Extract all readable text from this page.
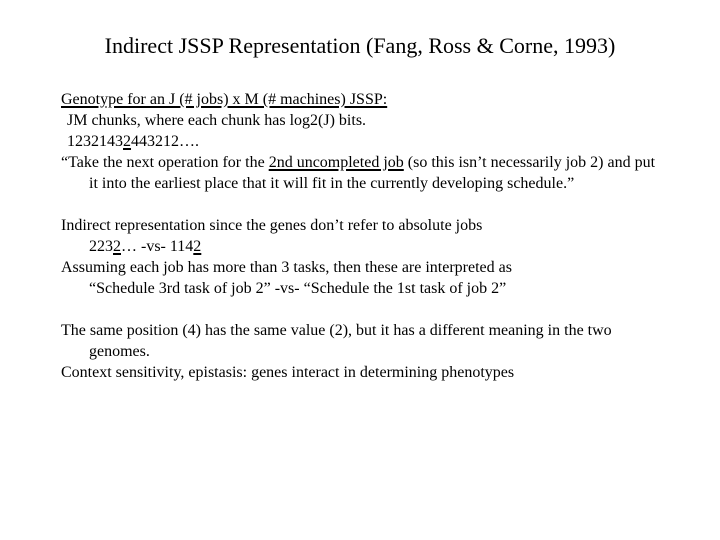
Indirect JSSP Representation (Fang, Ross & Corne, 1993)

Genotype for an J (# jobs) x M (# machines) JSSP:

JM chunks, where each chunk has log2(J) bits.

12321432443212….

“Take the next operation for the 2nd uncompleted job (so this isn’t necessarily job 2) and put it into the earliest place that it will fit in the currently developing schedule.”

Indirect representation since the genes don’t refer to absolute jobs

2232… -vs- 1142

Assuming each job has more than 3 tasks, then these are interpreted as

“Schedule 3rd task of job 2” -vs- “Schedule the 1st task of job 2”

The same position (4) has the same value (2), but it has a different meaning in the two genomes.

Context sensitivity, epistasis: genes interact in determining phenotypes
